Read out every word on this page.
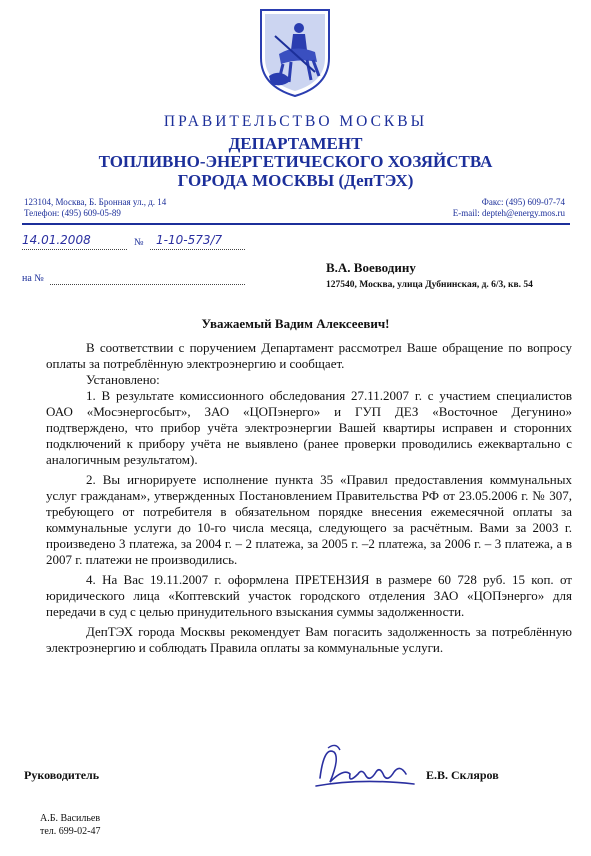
ПРАВИТЕЛЬСТВО МОСКВЫ
ДЕПАРТАМЕНТ
ТОПЛИВНО-ЭНЕРГЕТИЧЕСКОГО ХОЗЯЙСТВА
ГОРОДА МОСКВЫ (ДепТЭХ)
123104, Москва, Б. Бронная ул., д. 14
Телефон: (495) 609-05-89
Факс: (495) 609-07-74
E-mail: depteh@energy.mos.ru
14.01.2008	№ 1-10-573/7
на №
В.А. Воеводину
127540, Москва, улица Дубнинская, д. 6/3, кв. 54
Уважаемый Вадим Алексеевич!

В соответствии с поручением Департамент рассмотрел Ваше обращение по вопросу оплаты за потреблённую электроэнергию и сообщает.

Установлено:

1. В результате комиссионного обследования 27.11.2007 г. с участием специалистов ОАО «Мосэнергосбыт», ЗАО «ЦОПэнерго» и ГУП ДЕЗ «Восточное Дегунино» подтверждено, что прибор учёта электроэнергии Вашей квартиры исправен и сторонних подключений к прибору учёта не выявлено (ранее проверки проводились ежеквартально с аналогичным результатом).

2. Вы игнорируете исполнение пункта 35 «Правил предоставления коммунальных услуг гражданам», утвержденных Постановлением Правительства РФ от 23.05.2006 г. № 307, требующего от потребителя в обязательном порядке внесения ежемесячной оплаты за коммунальные услуги до 10-го числа месяца, следующего за расчётным. Вами за 2003 г. произведено 3 платежа, за 2004 г. – 2 платежа, за 2005 г. –2 платежа, за 2006 г. – 3 платежа, а в 2007 г. платежи не производились.

4. На Вас 19.11.2007 г. оформлена ПРЕТЕНЗИЯ в размере 60 728 руб. 15 коп. от юридического лица «Коптевский участок городского отделения ЗАО «ЦОПэнерго» для передачи в суд с целью принудительного взыскания суммы задолженности.

ДепТЭХ города Москвы рекомендует Вам погасить задолженность за потреблённую электроэнергию и соблюдать Правила оплаты за коммунальные услуги.

Руководитель	Е.В. Скляров
А.Б. Васильев
тел. 699-02-47
